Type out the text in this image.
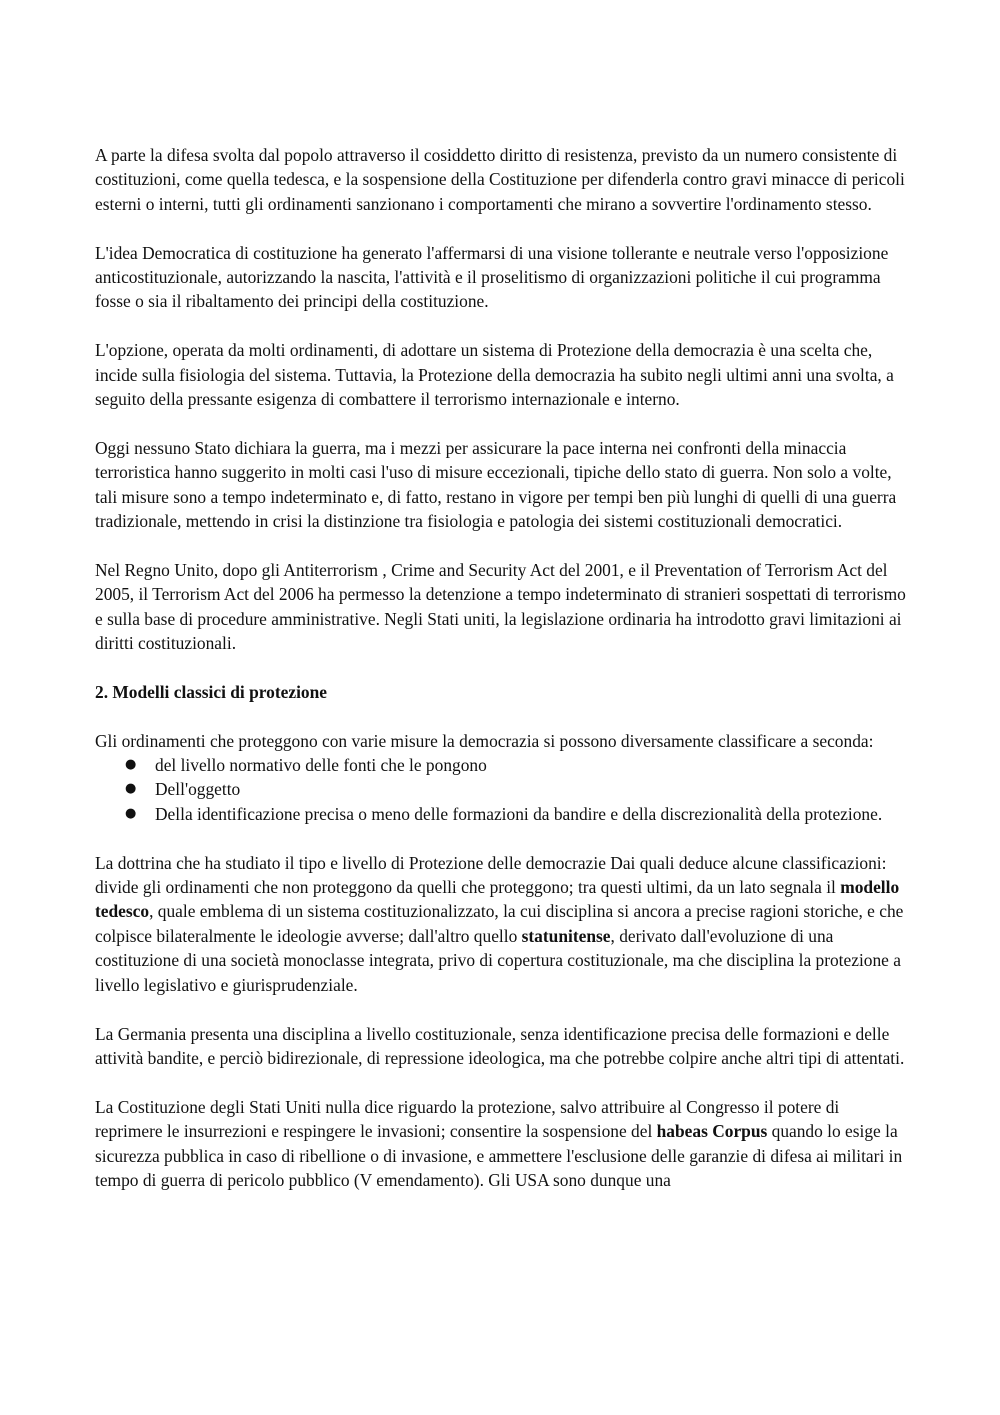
A parte la difesa svolta dal popolo attraverso il cosiddetto diritto di resistenza, previsto da un numero consistente di costituzioni, come quella tedesca, e la sospensione della Costituzione per difenderla contro gravi minacce di pericoli esterni o interni, tutti gli ordinamenti sanzionano i comportamenti che mirano a sovvertire l'ordinamento stesso.

L'idea Democratica di costituzione ha generato l'affermarsi di una visione tollerante e neutrale verso l'opposizione anticostituzionale, autorizzando la nascita, l'attività e il proselitismo di organizzazioni politiche il cui programma fosse o sia il ribaltamento dei principi della costituzione.

L'opzione, operata da molti ordinamenti, di adottare un sistema di Protezione della democrazia è una scelta che, incide sulla fisiologia del sistema. Tuttavia, la Protezione della democrazia ha subito negli ultimi anni una svolta, a seguito della pressante esigenza di combattere il terrorismo internazionale e interno.

Oggi nessuno Stato dichiara la guerra, ma i mezzi per assicurare la pace interna nei confronti della minaccia terroristica hanno suggerito in molti casi l'uso di misure eccezionali, tipiche dello stato di guerra. Non solo a volte, tali misure sono a tempo indeterminato e, di fatto, restano in vigore per tempi ben più lunghi di quelli di una guerra tradizionale, mettendo in crisi la distinzione tra fisiologia e patologia dei sistemi costituzionali democratici.

Nel Regno Unito, dopo gli Antiterrorism , Crime and Security Act del 2001, e il Preventation of Terrorism Act del 2005, il Terrorism Act del 2006 ha permesso la detenzione a tempo indeterminato di stranieri sospettati di terrorismo e sulla base di procedure amministrative. Negli Stati uniti, la legislazione ordinaria ha introdotto gravi limitazioni ai diritti costituzionali.

2. Modelli classici di protezione

Gli ordinamenti che proteggono con varie misure la democrazia si possono diversamente classificare a seconda:

● del livello normativo delle fonti che le pongono
● Dell'oggetto
● Della identificazione precisa o meno delle formazioni da bandire e della discrezionalità della protezione.

La dottrina che ha studiato il tipo e livello di Protezione delle democrazie Dai quali deduce alcune classificazioni: divide gli ordinamenti che non proteggono da quelli che proteggono; tra questi ultimi, da un lato segnala il modello tedesco, quale emblema di un sistema costituzionalizzato, la cui disciplina si ancora a precise ragioni storiche, e che colpisce bilateralmente le ideologie avverse; dall'altro quello statunitense, derivato dall'evoluzione di una costituzione di una società monoclasse integrata, privo di copertura costituzionale, ma che disciplina la protezione a livello legislativo e giurisprudenziale.

La Germania presenta una disciplina a livello costituzionale, senza identificazione precisa delle formazioni e delle attività bandite, e perciò bidirezionale, di repressione ideologica, ma che potrebbe colpire anche altri tipi di attentati.

La Costituzione degli Stati Uniti nulla dice riguardo la protezione, salvo attribuire al Congresso il potere di reprimere le insurrezioni e respingere le invasioni; consentire la sospensione del habeas Corpus quando lo esige la sicurezza pubblica in caso di ribellione o di invasione, e ammettere l'esclusione delle garanzie di difesa ai militari in tempo di guerra di pericolo pubblico (V emendamento). Gli USA sono dunque una
